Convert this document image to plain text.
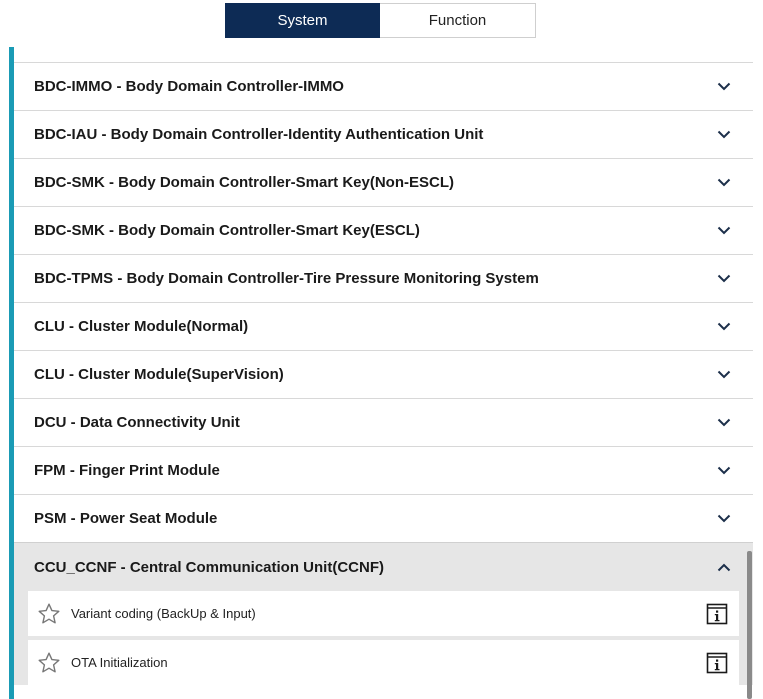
System	Function
BDC-IMMO - Body Domain Controller-IMMO
BDC-IAU - Body Domain Controller-Identity Authentication Unit
BDC-SMK - Body Domain Controller-Smart Key(Non-ESCL)
BDC-SMK - Body Domain Controller-Smart Key(ESCL)
BDC-TPMS - Body Domain Controller-Tire Pressure Monitoring System
CLU - Cluster Module(Normal)
CLU - Cluster Module(SuperVision)
DCU - Data Connectivity Unit
FPM - Finger Print Module
PSM - Power Seat Module
CCU_CCNF - Central Communication Unit(CCNF)
Variant coding (BackUp & Input)
OTA Initialization
